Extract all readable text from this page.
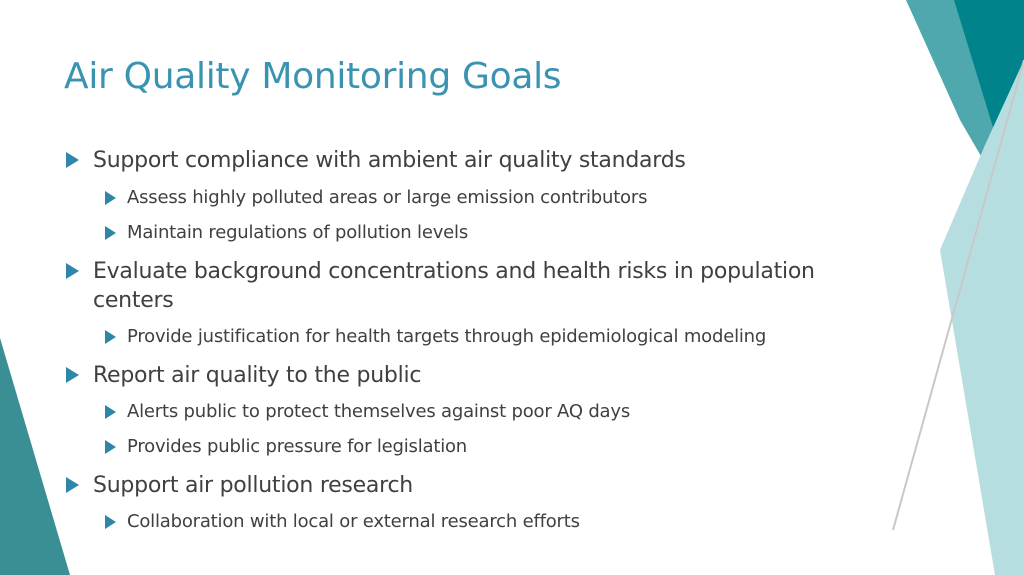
Air Quality Monitoring Goals
Support compliance with ambient air quality standards
Assess highly polluted areas or large emission contributors
Maintain regulations of pollution levels
Evaluate background concentrations and health risks in population
centers
Provide justification for health targets through epidemiological modeling
Report air quality to the public
Alerts public to protect themselves against poor AQ days
Provides public pressure for legislation
Support air pollution research
Collaboration with local or external research efforts
